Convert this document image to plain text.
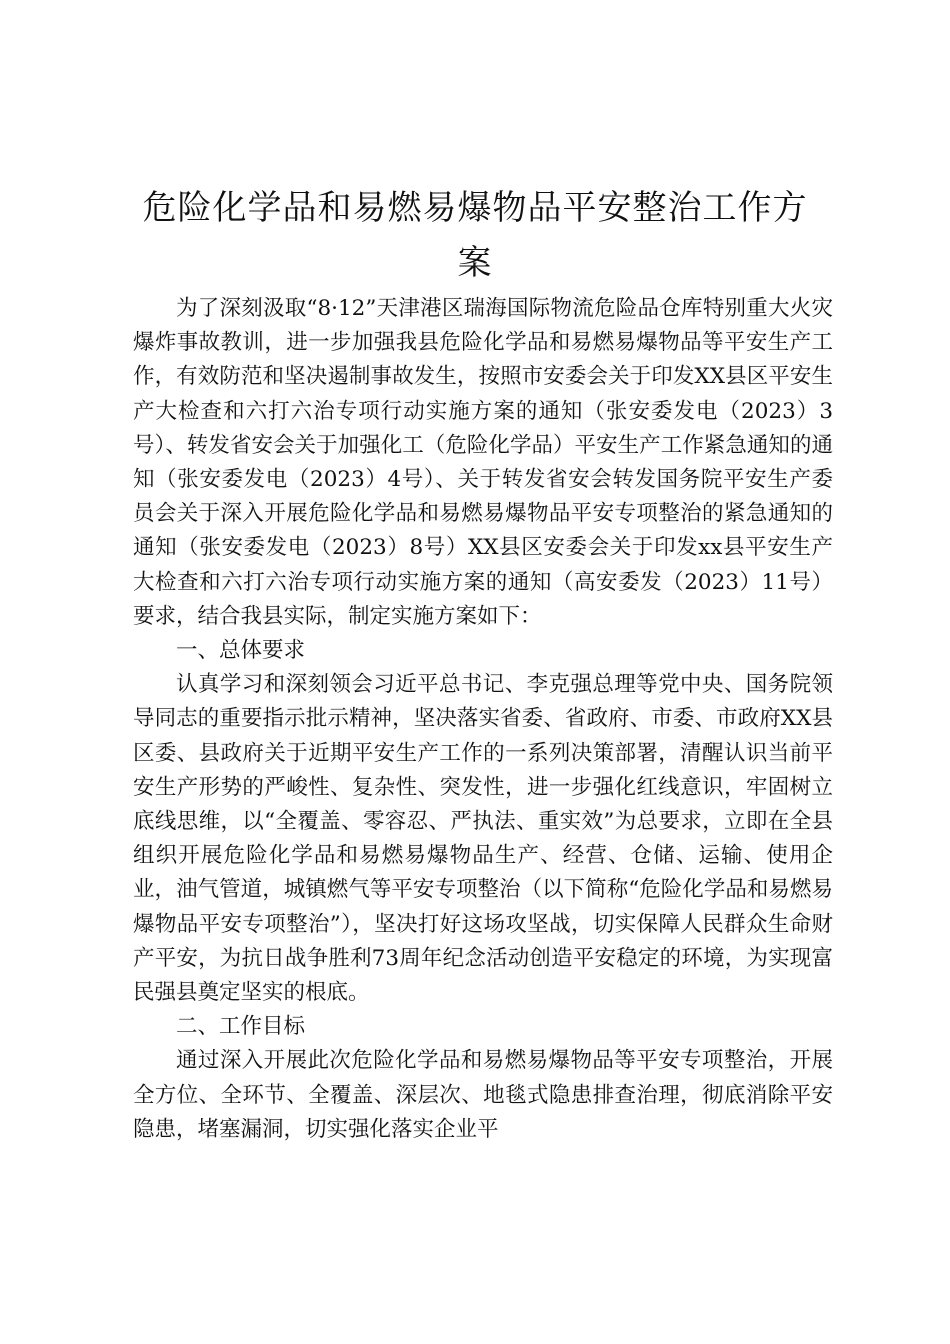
危险化学品和易燃易爆物品平安整治工作方
案

为了深刻汲取“8·12”天津港区瑞海国际物流危险品仓库特别重大火灾爆炸事故教训，进一步加强我县危险化学品和易燃易爆物品等平安生产工作，有效防范和坚决遏制事故发生，按照市安委会关于印发XX县区平安生产大检查和六打六治专项行动实施方案的通知（张安委发电（2023）3号）、转发省安会关于加强化工（危险化学品）平安生产工作紧急通知的通知（张安委发电（2023）4号）、关于转发省安会转发国务院平安生产委员会关于深入开展危险化学品和易燃易爆物品平安专项整治的紧急通知的通知（张安委发电（2023）8号）XX县区安委会关于印发xx县平安生产大检查和六打六治专项行动实施方案的通知（高安委发（2023）11号）要求，结合我县实际，制定实施方案如下：

一、总体要求

认真学习和深刻领会习近平总书记、李克强总理等党中央、国务院领导同志的重要指示批示精神，坚决落实省委、省政府、市委、市政府XX县区委、县政府关于近期平安生产工作的一系列决策部署，清醒认识当前平安生产形势的严峻性、复杂性、突发性，进一步强化红线意识，牢固树立底线思维，以“全覆盖、零容忍、严执法、重实效”为总要求，立即在全县组织开展危险化学品和易燃易爆物品生产、经营、仓储、运输、使用企业，油气管道，城镇燃气等平安专项整治（以下简称“危险化学品和易燃易爆物品平安专项整治”），坚决打好这场攻坚战，切实保障人民群众生命财产平安，为抗日战争胜利73周年纪念活动创造平安稳定的环境，为实现富民强县奠定坚实的根底。

二、工作目标

通过深入开展此次危险化学品和易燃易爆物品等平安专项整治，开展全方位、全环节、全覆盖、深层次、地毯式隐患排查治理，彻底消除平安隐患，堵塞漏洞，切实强化落实企业平
